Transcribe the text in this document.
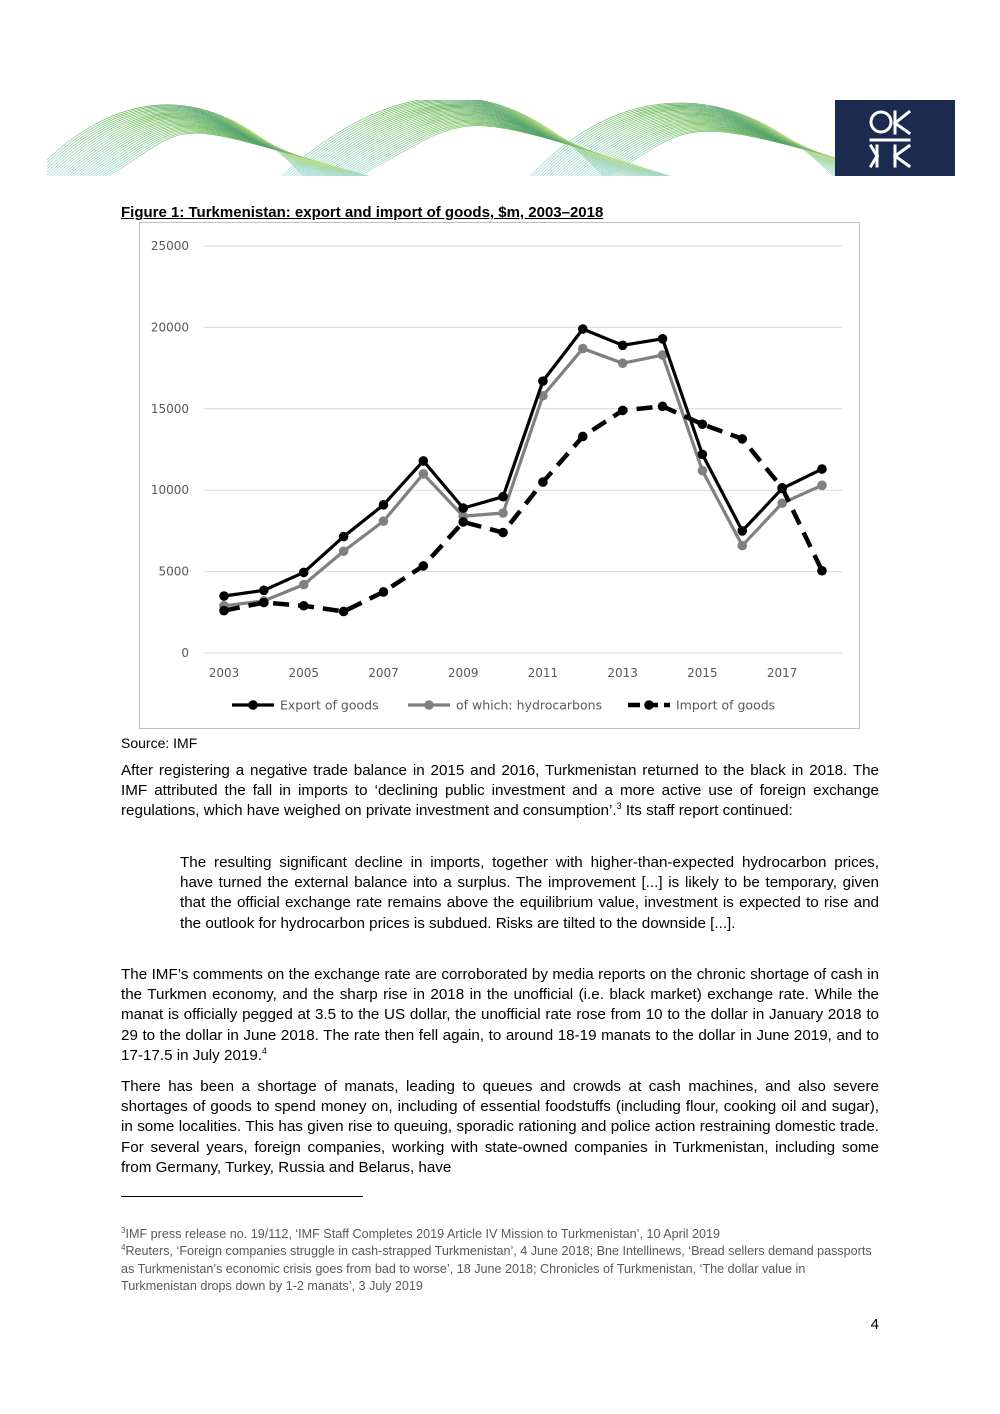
Figure 1: Turkmenistan: export and import of goods, $m, 2003–2018
0
5000
10000
15000
20000
25000
2003	2005	2007	2009	2011	2013	2015	2017
Export of goods	of which: hydrocarbons	Import of goods
Source: IMF

After registering a negative trade balance in 2015 and 2016, Turkmenistan returned to the black in 2018. The IMF attributed the fall in imports to ‘declining public investment and a more active use of foreign exchange regulations, which have weighed on private investment and consumption’.$^3$ Its staff report continued:

The resulting significant decline in imports, together with higher-than-expected hydrocarbon prices, have turned the external balance into a surplus. The improvement [...] is likely to be temporary, given that the official exchange rate remains above the equilibrium value, investment is expected to rise and the outlook for hydrocarbon prices is subdued. Risks are tilted to the downside [...].

The IMF’s comments on the exchange rate are corroborated by media reports on the chronic shortage of cash in the Turkmen economy, and the sharp rise in 2018 in the unofficial (i.e. black market) exchange rate. While the manat is officially pegged at 3.5 to the US dollar, the unofficial rate rose from 10 to the dollar in January 2018 to 29 to the dollar in June 2018. The rate then fell again, to around 18-19 manats to the dollar in June 2019, and to 17-17.5 in July 2019.$^4$

There has been a shortage of manats, leading to queues and crowds at cash machines, and also severe shortages of goods to spend money on, including of essential foodstuffs (including flour, cooking oil and sugar), in some localities. This has given rise to queuing, sporadic rationing and police action restraining domestic trade. For several years, foreign companies, working with state-owned companies in Turkmenistan, including some from Germany, Turkey, Russia and Belarus, have

$^3$IMF press release no. 19/112, ‘IMF Staff Completes 2019 Article IV Mission to Turkmenistan’, 10 April 2019

$^4$Reuters, ‘Foreign companies struggle in cash-strapped Turkmenistan’, 4 June 2018; Bne Intellinews, ‘Bread sellers demand passports as Turkmenistan’s economic crisis goes from bad to worse’, 18 June 2018; Chronicles of Turkmenistan, ‘The dollar value in Turkmenistan drops down by 1-2 manats’, 3 July 2019

4
